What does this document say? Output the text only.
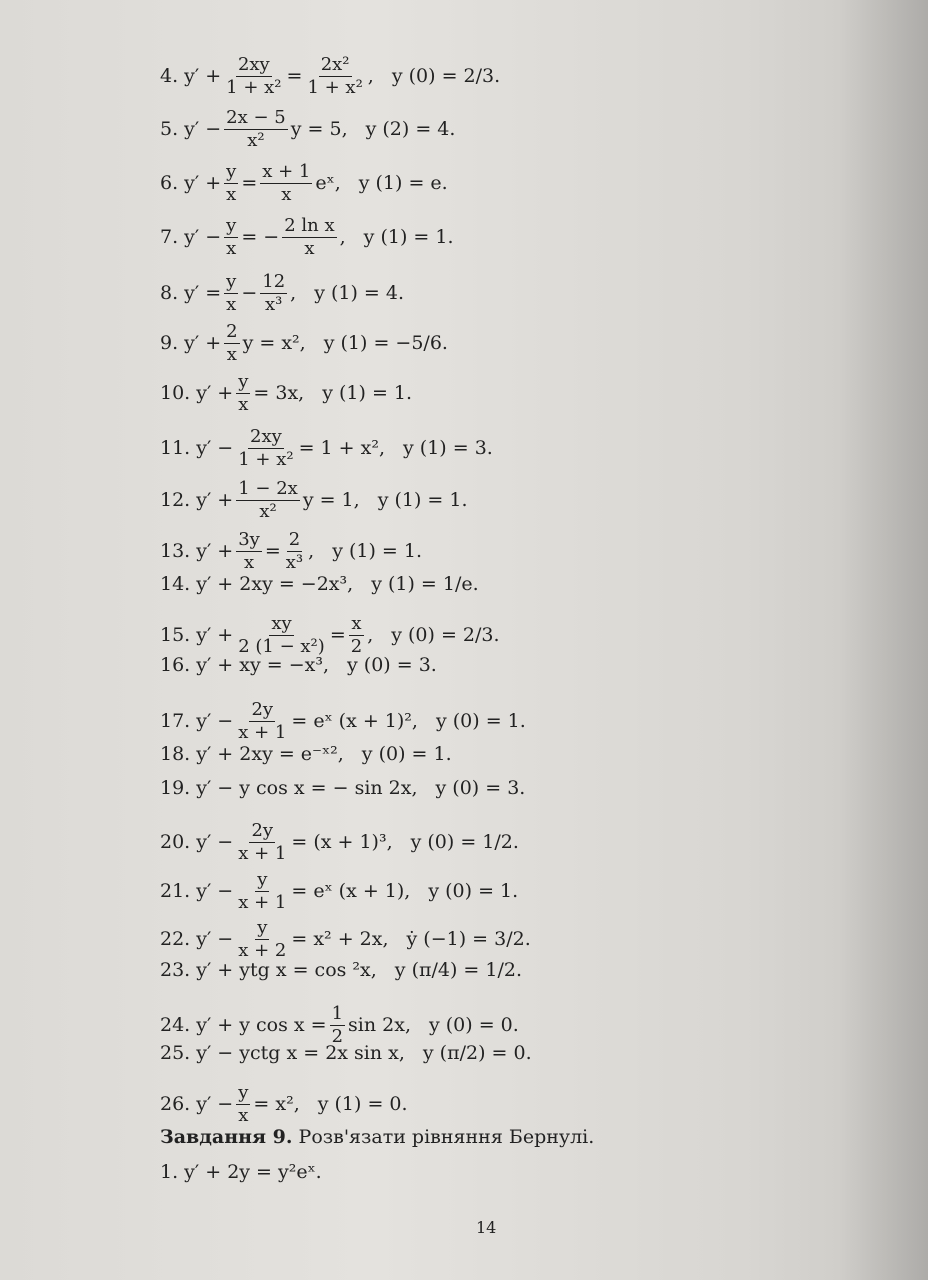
4. $y' + \frac{2xy}{\text{1 + x²}} = \frac{\text{2x²}}{\text{1 + x²}}$ , y (0) = 2/3.
5. $y' - \frac{2x - 5}{\text{x²}}$ y = 5, y (2) = 4.
6. $y' + \frac{y}{x} = \frac{x + 1}{x}$ eˣ, y (1) = e.
7. $y' - \frac{y}{x}$ = − $\frac{\text{2 ln x}}{x}$ , y (1) = 1.
8. $y' = \frac{y}{x} - \frac{12}{\text{x³}}$ , y (1) = 4.
9. $y' + \frac{2}{x}$ y = x², y (1) = −5/6.
10. $y' + \frac{y}{x} = 3x$, y (1) = 1.
11. $y' - \frac{2xy}{\text{1 + x²}} = 1 + x^2$, y (1) = 3.
12. $y' + \frac{1 - 2x}{\text{x²}}$ y = 1, y (1) = 1.
13. $y' + \frac{3y}{x} = \frac{2}{\text{x³}}$ , y (1) = 1.
14. y′ + 2xy = −2x³, y (1) = 1/e.
15. $y' + \frac{xy}{\text{2 (1 − x²)}} = \frac{x}{2}$ , y (0) = 2/3.
16. y′ + xy = −x³, y (0) = 3.
17. $y' - \frac{2y}{x + 1}$ = eˣ (x + 1)², y (0) = 1.
18. y′ + 2xy = e⁻ˣ², y (0) = 1.
19. y′ − y cos x = − sin 2x, y (0) = 3.
20. $y' - \frac{2y}{x + 1} = (x + 1)^3$, y (0) = 1/2.
21. $y' - \frac{y}{x + 1}$ = eˣ (x + 1), y (0) = 1.
22. $y' - \frac{y}{x + 2} = x^2 + 2x$, ẏ (−1) = 3/2.
23. y′ + ytg x = cos ²x, y (π/4) = 1/2.
24. y′ + y $\cos x = \frac{1}{2}$ sin 2x, y (0) = 0.
25. y′ − yctg x = 2x sin x, y (π/2) = 0.
26. $y' - \frac{y}{x} = x^2$, y (1) = 0.
Завдання 9. Розв'язати рівняння Бернулі.
1. y′ + 2y = y²eˣ.
14
